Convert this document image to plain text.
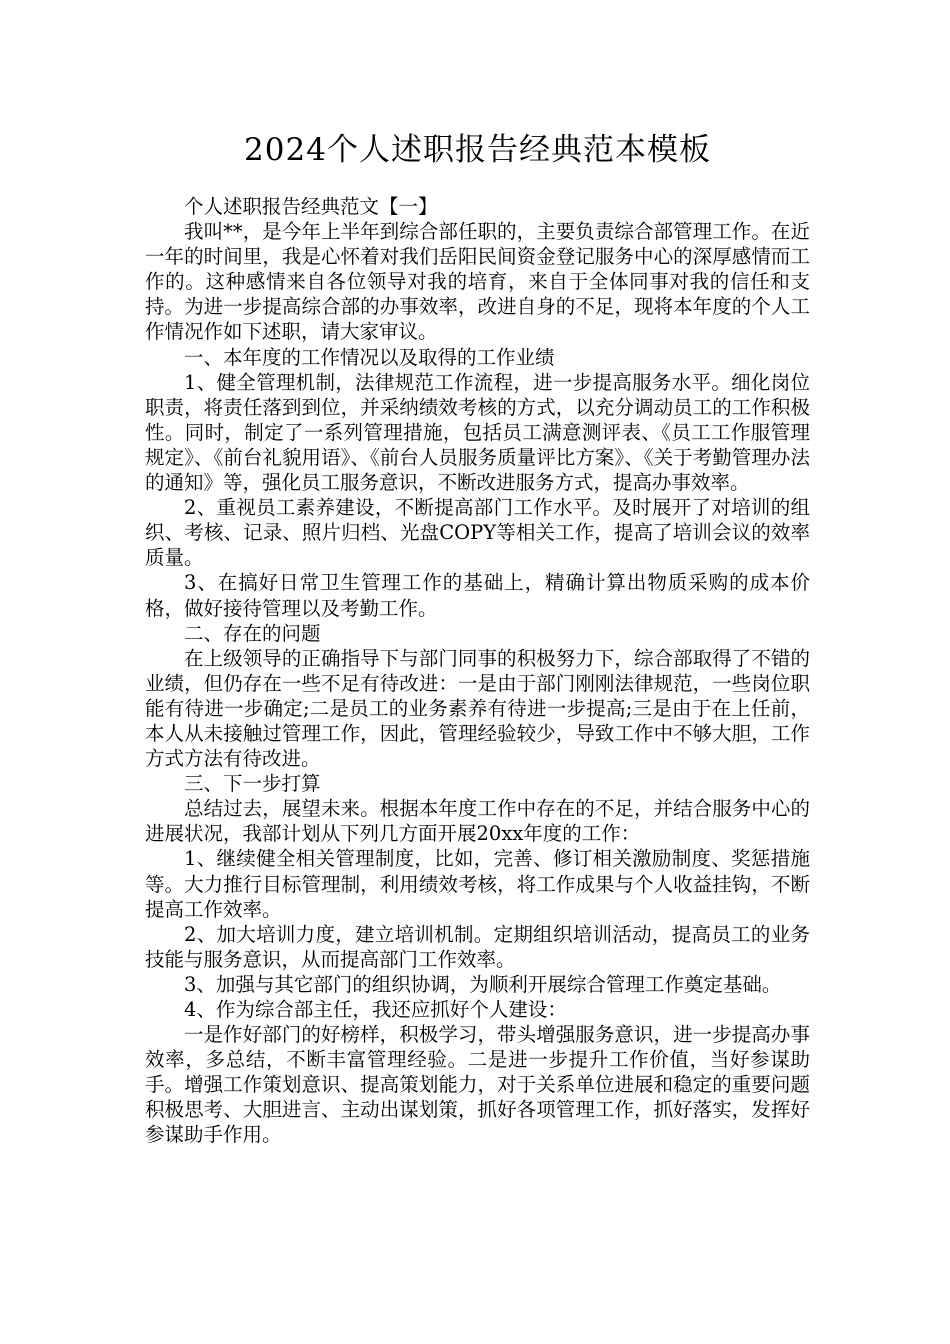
2024个人述职报告经典范本模板

个人述职报告经典范文【一】

我叫**，是今年上半年到综合部任职的，主要负责综合部管理工作。在近一年的时间里，我是心怀着对我们岳阳民间资金登记服务中心的深厚感情而工作的。这种感情来自各位领导对我的培育，来自于全体同事对我的信任和支持。为进一步提高综合部的办事效率，改进自身的不足，现将本年度的个人工作情况作如下述职，请大家审议。

一、本年度的工作情况以及取得的工作业绩

1、健全管理机制，法律规范工作流程，进一步提高服务水平。细化岗位职责，将责任落到到位，并采纳绩效考核的方式，以充分调动员工的工作积极性。同时，制定了一系列管理措施，包括员工满意测评表、《员工工作服管理规定》、《前台礼貌用语》、《前台人员服务质量评比方案》、《关于考勤管理办法的通知》等，强化员工服务意识，不断改进服务方式，提高办事效率。

2、重视员工素养建设，不断提高部门工作水平。及时展开了对培训的组织、考核、记录、照片归档、光盘COPY等相关工作，提高了培训会议的效率质量。

3、在搞好日常卫生管理工作的基础上，精确计算出物质采购的成本价格，做好接待管理以及考勤工作。

二、存在的问题

在上级领导的正确指导下与部门同事的积极努力下，综合部取得了不错的业绩，但仍存在一些不足有待改进：一是由于部门刚刚法律规范，一些岗位职能有待进一步确定;二是员工的业务素养有待进一步提高;三是由于在上任前，本人从未接触过管理工作，因此，管理经验较少，导致工作中不够大胆，工作方式方法有待改进。

三、下一步打算

总结过去，展望未来。根据本年度工作中存在的不足，并结合服务中心的进展状况，我部计划从下列几方面开展20xx年度的工作：

1、继续健全相关管理制度，比如，完善、修订相关激励制度、奖惩措施等。大力推行目标管理制，利用绩效考核，将工作成果与个人收益挂钩，不断提高工作效率。

2、加大培训力度，建立培训机制。定期组织培训活动，提高员工的业务技能与服务意识，从而提高部门工作效率。

3、加强与其它部门的组织协调，为顺利开展综合管理工作奠定基础。

4、作为综合部主任，我还应抓好个人建设：

一是作好部门的好榜样，积极学习，带头增强服务意识，进一步提高办事效率，多总结，不断丰富管理经验。二是进一步提升工作价值，当好参谋助手。增强工作策划意识、提高策划能力，对于关系单位进展和稳定的重要问题积极思考、大胆进言、主动出谋划策，抓好各项管理工作，抓好落实，发挥好参谋助手作用。
